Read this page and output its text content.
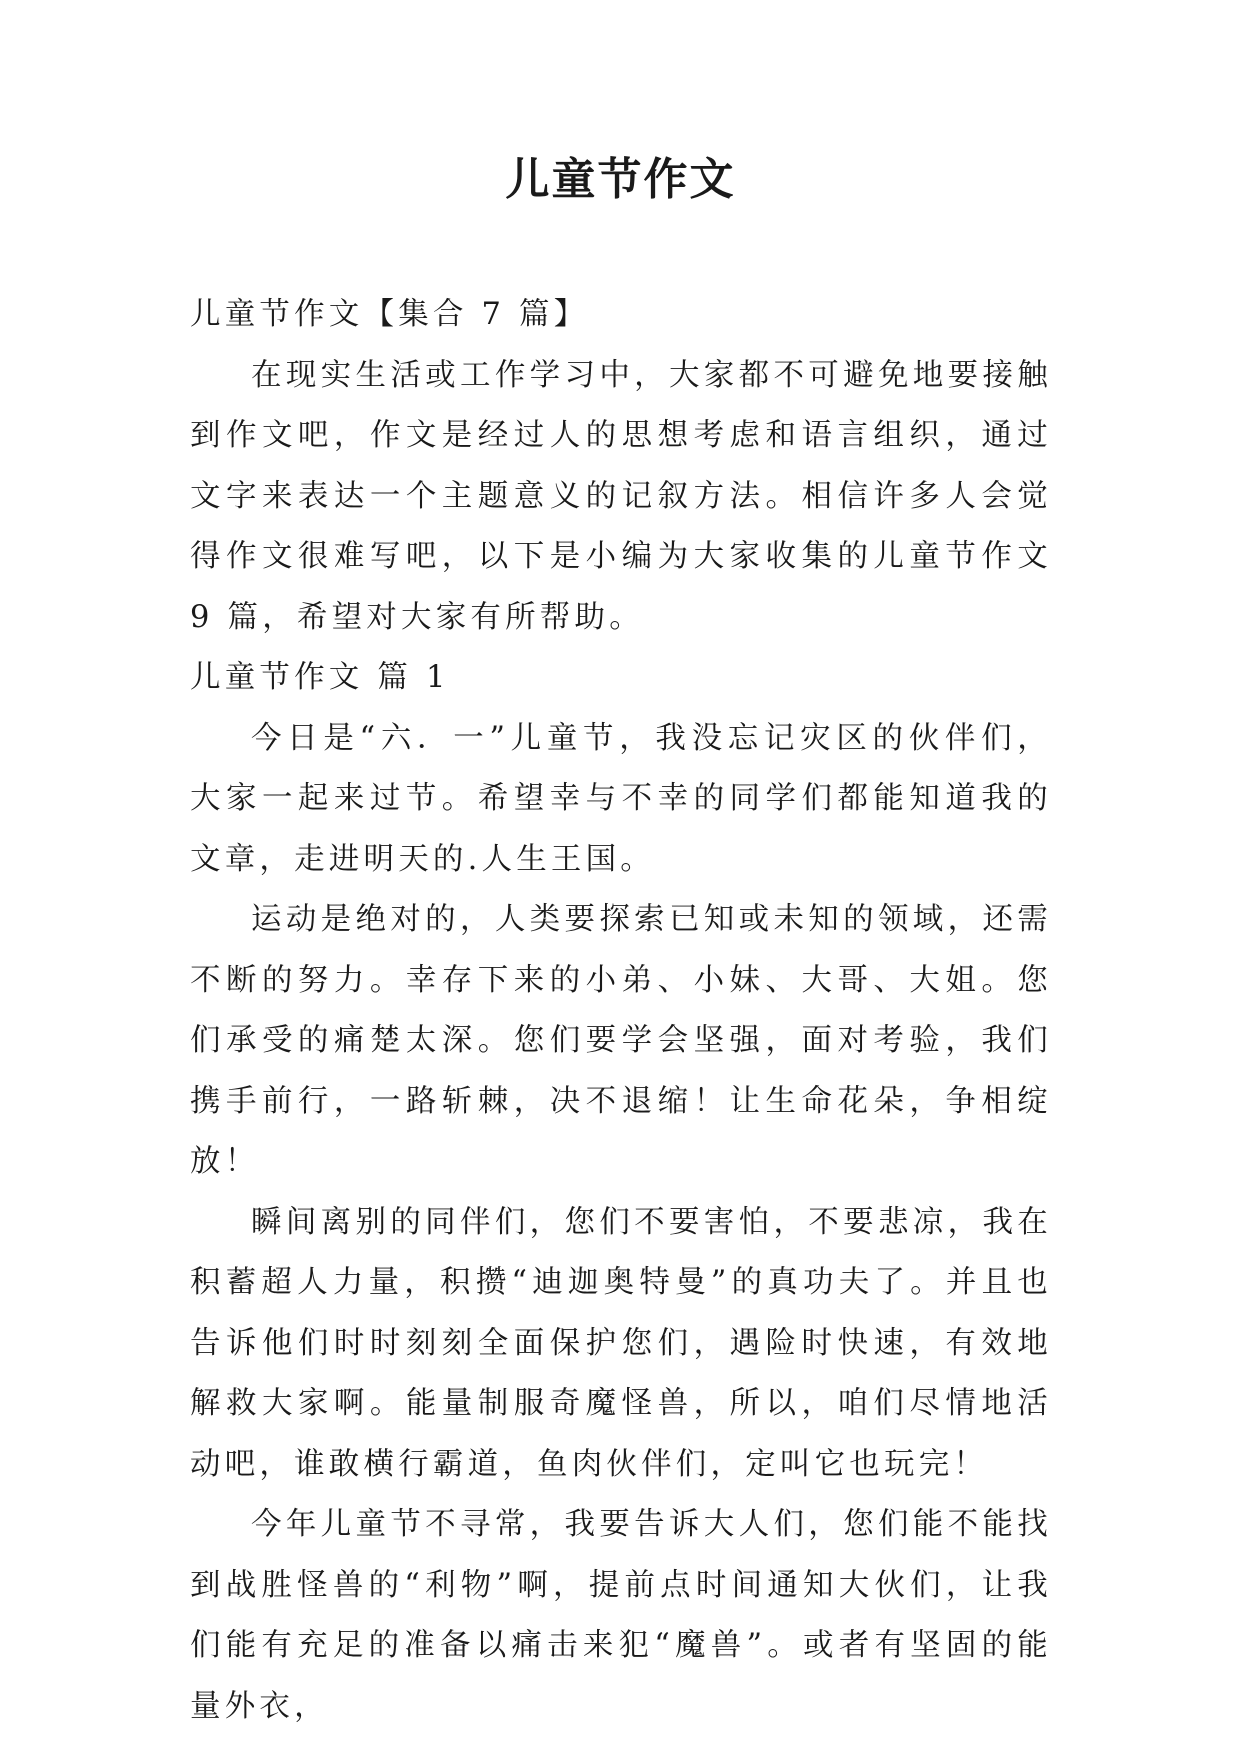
儿童节作文

儿童节作文【集合 7 篇】

在现实生活或工作学习中，大家都不可避免地要接触到作文吧，作文是经过人的思想考虑和语言组织，通过文字来表达一个主题意义的记叙方法。相信许多人会觉得作文很难写吧，以下是小编为大家收集的儿童节作文 9 篇，希望对大家有所帮助。

儿童节作文 篇 1

今日是“六．一”儿童节，我没忘记灾区的伙伴们，大家一起来过节。希望幸与不幸的同学们都能知道我的文章，走进明天的.人生王国。

运动是绝对的，人类要探索已知或未知的领域，还需不断的努力。幸存下来的小弟、小妹、大哥、大姐。您们承受的痛楚太深。您们要学会坚强，面对考验，我们携手前行，一路斩棘，决不退缩！让生命花朵，争相绽放！

瞬间离别的同伴们，您们不要害怕，不要悲凉，我在积蓄超人力量，积攒“迪迦奥特曼”的真功夫了。并且也告诉他们时时刻刻全面保护您们，遇险时快速，有效地解救大家啊。能量制服奇魔怪兽，所以，咱们尽情地活动吧，谁敢横行霸道，鱼肉伙伴们，定叫它也玩完！

今年儿童节不寻常，我要告诉大人们，您们能不能找到战胜怪兽的“利物”啊，提前点时间通知大伙们，让我们能有充足的准备以痛击来犯“魔兽”。或者有坚固的能量外衣，
